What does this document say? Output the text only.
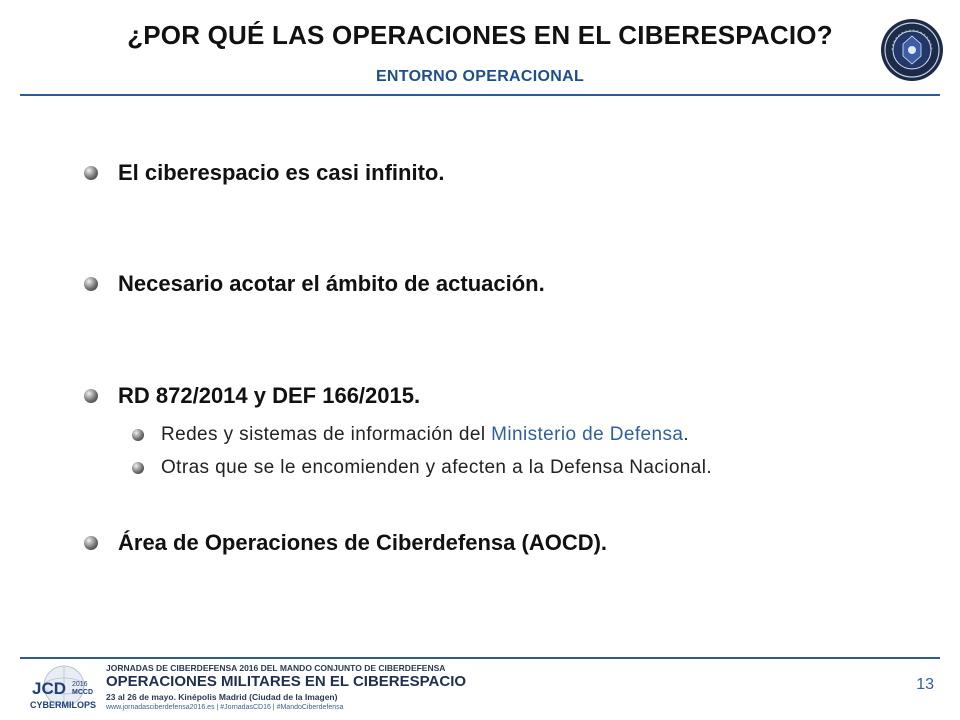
¿POR QUÉ LAS OPERACIONES EN EL CIBERESPACIO?
ENTORNO OPERACIONAL
El ciberespacio es casi infinito.
Necesario acotar el ámbito de actuación.
RD 872/2014 y DEF 166/2015.
Redes y sistemas de información del Ministerio de Defensa.
Otras que se le encomienden y afecten a la Defensa Nacional.
Área de Operaciones de Ciberdefensa (AOCD).
JCD 2016
MCCD
CYBERMILOPS
JORNADAS DE CIBERDEFENSA 2016 DEL MANDO CONJUNTO DE CIBERDEFENSA
OPERACIONES MILITARES EN EL CIBERESPACIO
23 al 26 de mayo. Kinépolis Madrid (Ciudad de la Imagen)
www.jornadasciberdefensa2016.es | #JornadasCD16 | #MandoCiberdefensa
13
